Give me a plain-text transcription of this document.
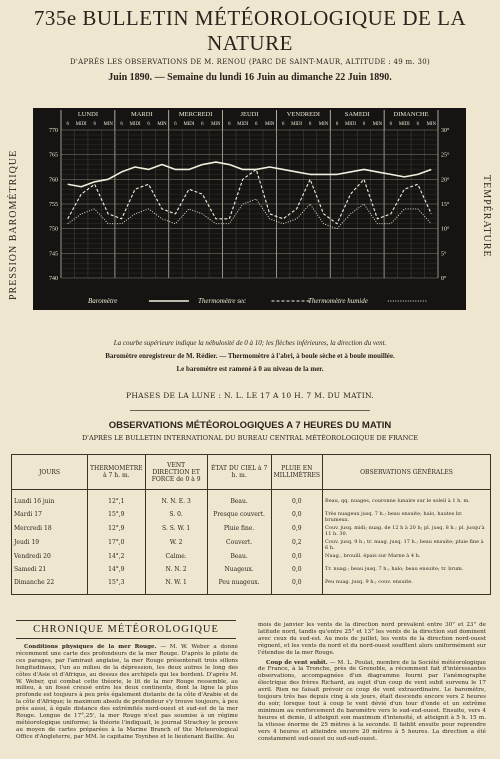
735e BULLETIN MÉTÉOROLOGIQUE DE LA NATURE
D'APRÈS LES OBSERVATIONS DE M. RENOU (PARC DE SAINT-MAUR, ALTITUDE : 49 m. 30)
Juin 1890. — Semaine du lundi 16 Juin au dimanche 22 Juin 1890.
PRESSION BAROMÉTRIQUE	TEMPÉRATURE
LUNDI
6 MIDI 6 MIN
MARDI
6 MIDI 6 MIN
MERCREDI
6 MIDI 6 MIN
JEUDI
6 MIDI 6 MIN
VENDREDI
6 MIDI 6 MIN
SAMEDI
6 MIDI 6 MIN
DIMANCHE
6 MIDI 6 MIN
770
765
760
755
750
745
740
30°
25°
20°
15°
10°
5°
0°
Baromètre	Thermomètre sec	Thermomètre humide
La courbe supérieure indique la nébulosité de 0 à 10; les flèches inférieures, la direction du vent.
Baromètre enregistreur de M. Rédier. — Thermomètre à l'abri, à boule sèche et à boule mouillée.
Le baromètre est ramené à 0 au niveau de la mer.
PHASES DE LA LUNE : N. L. LE 17 A 10 H. 7 M. DU MATIN.
OBSERVATIONS MÉTÉOROLOGIQUES A 7 HEURES DU MATIN
D'APRÈS LE BULLETIN INTERNATIONAL DU BUREAU CENTRAL MÉTÉOROLOGIQUE DE FRANCE
JOURS	THERMOMÈTRE à 7 h. m.	VENT DIRECTION ET FORCE de 0 à 9	ÉTAT DU CIEL à 7 h. m.	PLUIE EN MILLIMÈTRES	OBSERVATIONS GÉNÉRALES
Lundi 16 juin	12°,1	N. N. E. 3	Beau.	0,0	Beau, qq. nuages, couronne lunaire sur le soleil à 1 h. m.
Mardi 17	15°,9	S. 0.	Presque couvert.	0,0	Très nuageux jusq. 7 h.; beau ensuite; halo, hautes br. brumeux.
Mercredi 18	12°,9	S. S. W. 1	Pluie fine.	0,9	Couv. jusq. midi; nuag. de 12 h à 20 h; pl. jusq. 8 h.; pl. jusqu'à 11 h. 30.
Jeudi 19	17°,0	W. 2	Couvert.	0,2	Couv. jusq. 9 h.; tr. nuag. jusq. 17 h.; beau ensuite; pluie fine à 6 h.
Vendredi 20	14°,2	Calme.	Beau.	0,0	Nuag., brouill. épais sur Marne à 4 h.
Samedi 21	14°,9	N. N. 2	Nuageux.	0,0	Tr. nuag.; beau jusq. 7 h.; halo; beau ensuite; tr. brum.
Dimanche 22	15°,3	N. W. 1	Peu nuageux.	0,0	Peu nuag. jusq. 9 h.; couv. ensuite.
CHRONIQUE MÉTÉOROLOGIQUE

Conditions physiques de la mer Rouge. — M. W. Weber a donné récemment une carte des profondeurs de la mer Rouge. D'après le pilote de ces parages, par l'amiraut anglaise, la mer Rouge présenterait trois sillons longitudinaux, l'un au milieu de la dépression, les deux autres le long des côtes d'Asie et d'Afrique, au dessus des archipels qui les bordent. D'après M. W. Weber, qui combat cette théorie, le lit de la mer Rouge ressemble, au milieu, à un fossé creusé entre les deux continents, dont la ligne la plus profonde est toujours à peu près également distante de la côte d'Arabie et de la côte d'Afrique; le maximum absolu de profondeur s'y trouve toujours, à peu près aussi, à égale distance des extrémités nord-ouest et sud-est de la mer Rouge. Longue de 17°,25', la mer Rouge n'est pas soumise à un régime météorologique uniforme; la théorie l'indiquait, le journal Strachey le prouve au moyen de cartes préparées à la Marine Branch of the Meteorological Office d'Angleterre, par MM. le capitaine Toynbee et le lieutenant Baillie. Au

mois de janvier les vents de la direction nord prévalent entre 30° et 23° de latitude nord, tandis qu'entre 25° et 13° les vents de la direction sud dominent avec ceux du sud-est. Au mois de juillet, les vents de la direction nord-ouest règnent, et les vents du nord et du nord-ouest soufflent alors uniformément sur l'étendue de la mer Rouge.

Coup de vent subit. — M. L. Poulat, membre de la Société météorologique de France, à la Tronche, près de Grenoble, a récemment fait d'intéressantes observations, accompagnées d'un diagramme fourni par l'anémographe électrique des frères Richard, au sujet d'un coup de vent subit survenu le 17 avril. Rien ne faisait prévoir ce coup de vent extraordinaire. Le baromètre, toujours très bas depuis cinq à six jours, était descendu encore vers 2 heures du soir, lorsque tout à coup le vent dévié d'un tour d'onde et un extrême minimum au renforcement du baromètre vers le sud-sud-ouest. Ensuite, vers 4 heures et demie, il atteignit son maximum d'intensité, et atteignit à 5 h. 15 m. la vitesse énorme de 25 mètres à la seconde. Il faiblit ensuite pour reprendre vers 4 heures et atteindre encore 20 mètres à 5 heures. La direction a été constamment sud-ouest ou sud-sud-ouest.
